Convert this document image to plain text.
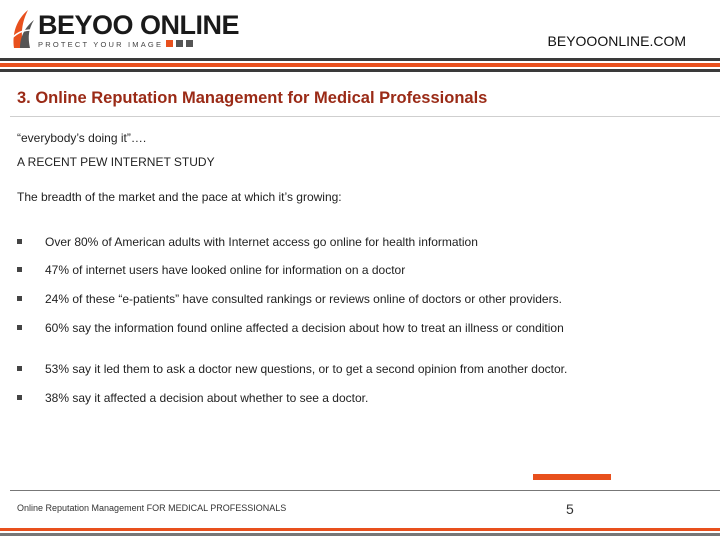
BEYOO ONLINE
PROTECT YOUR IMAGE	BEYOOONLINE.COM
3. Online Reputation Management for Medical Professionals
“everybody’s doing it”….
A RECENT PEW INTERNET STUDY
The breadth of the market and the pace at which it’s growing:
Over 80% of American adults with Internet access go online for health information
47% of internet users have looked online for information on a doctor
24% of these “e-patients” have consulted rankings or reviews online of doctors or other providers.
60% say the information found online affected a decision about how to treat an illness or condition
53% say it led them to ask a doctor new questions, or to get a second opinion from another doctor.
38% say it affected a decision about whether to see a doctor.
Online Reputation Management FOR MEDICAL PROFESSIONALS	5
